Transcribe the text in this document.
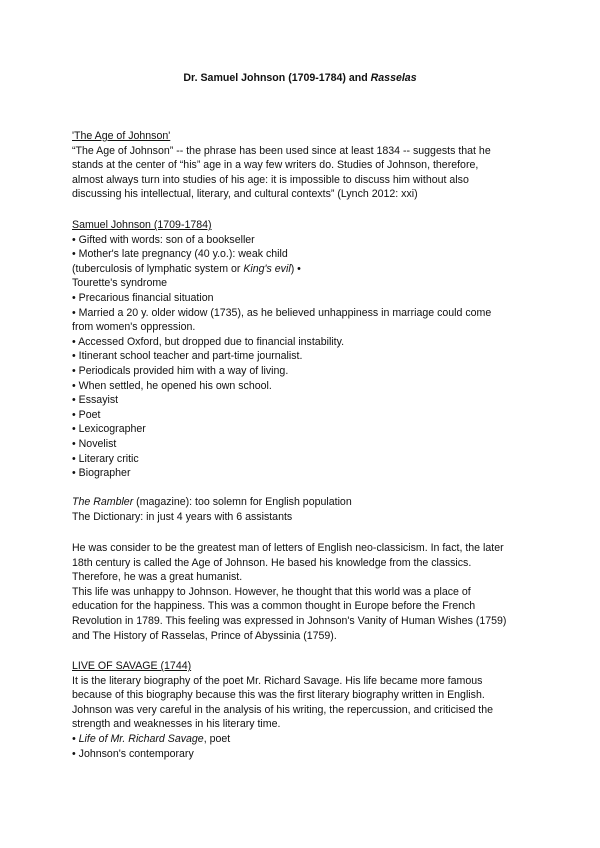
Dr. Samuel Johnson (1709-1784) and Rasselas
'The Age of Johnson'
“The Age of Johnson” -- the phrase has been used since at least 1834 -- suggests that he
stands at the center of “his” age in a way few writers do. Studies of Johnson, therefore,
almost always turn into studies of his age: it is impossible to discuss him without also
discussing his intellectual, literary, and cultural contexts” (Lynch 2012: xxi)
Samuel Johnson (1709-1784)
• Gifted with words: son of a bookseller
• Mother's late pregnancy (40 y.o.): weak child
(tuberculosis of lymphatic system or King's evil) •
Tourette's syndrome
• Precarious financial situation
• Married a 20 y. older widow (1735), as he believed unhappiness in marriage could come
from women's oppression.
• Accessed Oxford, but dropped due to financial instability.
• Itinerant school teacher and part-time journalist.
• Periodicals provided him with a way of living.
• When settled, he opened his own school.
• Essayist
• Poet
• Lexicographer
• Novelist
• Literary critic
• Biographer
The Rambler (magazine): too solemn for English population
The Dictionary: in just 4 years with 6 assistants
He was consider to be the greatest man of letters of English neo-classicism. In fact, the later
18th century is called the Age of Johnson. He based his knowledge from the classics.
Therefore, he was a great humanist.
This life was unhappy to Johnson. However, he thought that this world was a place of
education for the happiness. This was a common thought in Europe before the French
Revolution in 1789. This feeling was expressed in Johnson's Vanity of Human Wishes (1759)
and The History of Rasselas, Prince of Abyssinia (1759).
LIVE OF SAVAGE (1744)
It is the literary biography of the poet Mr. Richard Savage. His life became more famous
because of this biography because this was the first literary biography written in English.
Johnson was very careful in the analysis of his writing, the repercussion, and criticised the
strength and weaknesses in his literary time.
• Life of Mr. Richard Savage, poet
• Johnson's contemporary
